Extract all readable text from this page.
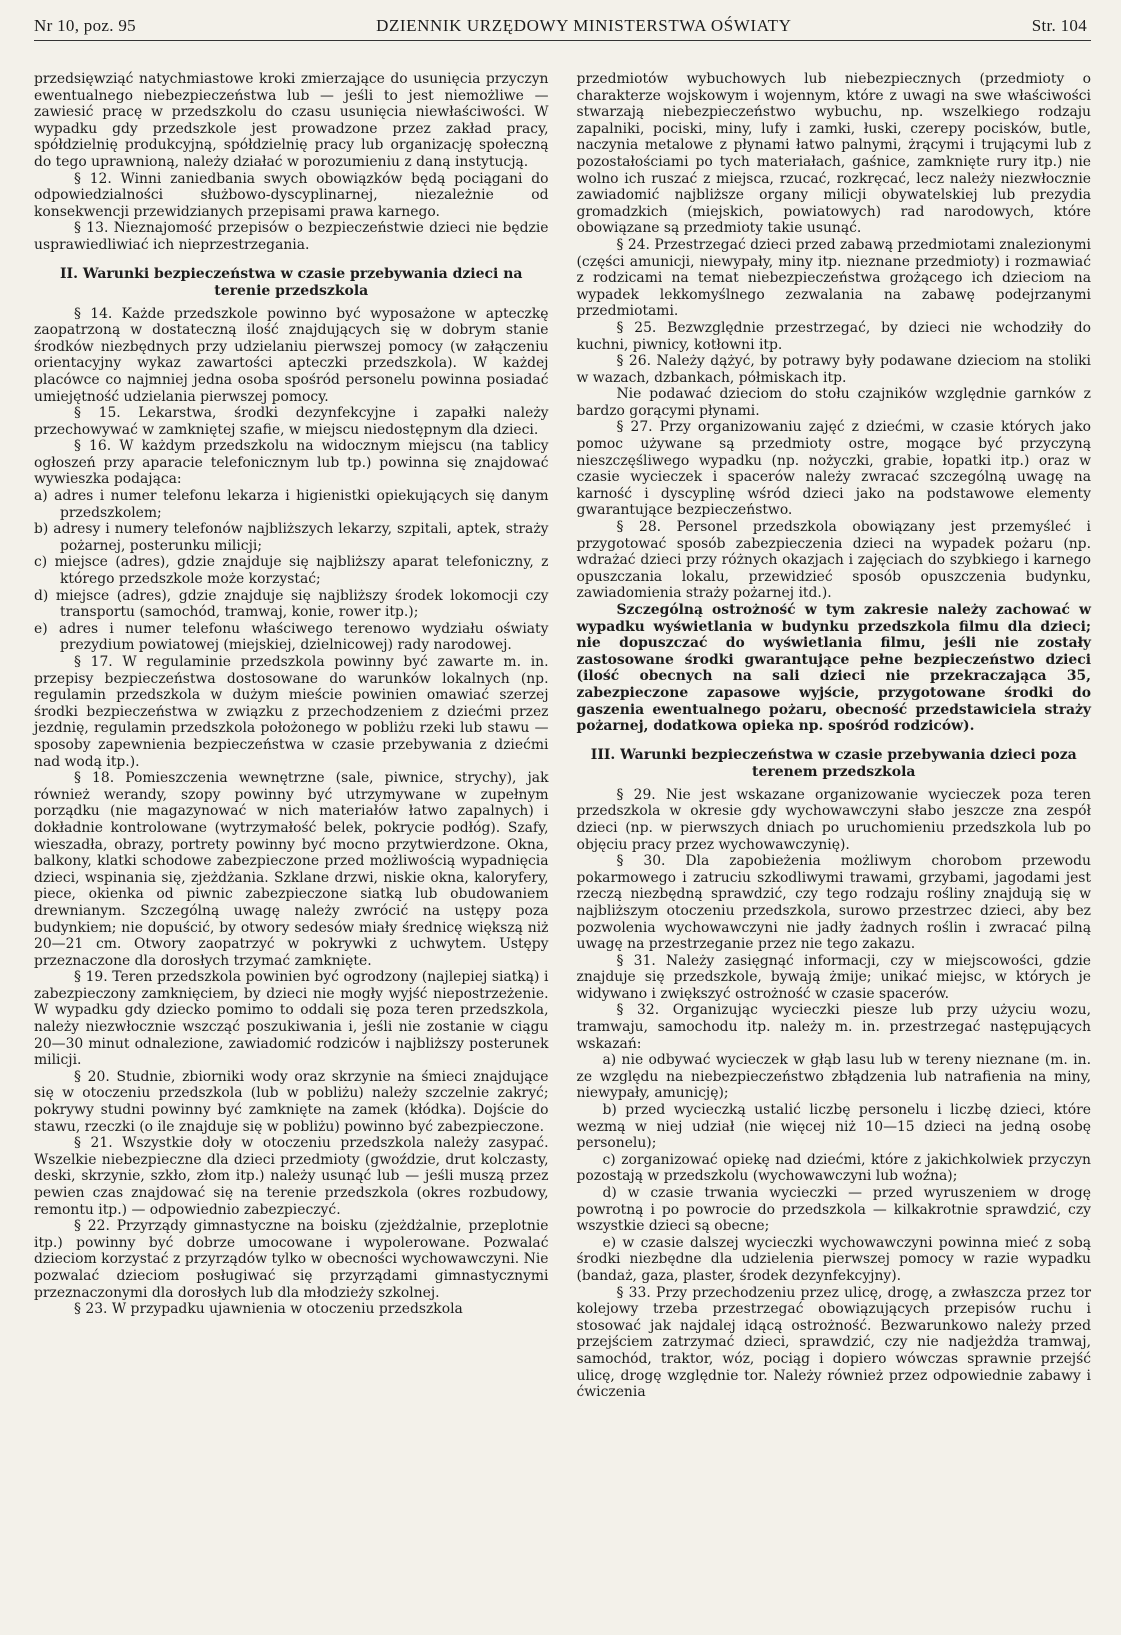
Nr 10, poz. 95	DZIENNIK URZĘDOWY MINISTERSTWA OŚWIATY	Str. 104

przedsięwziąć natychmiastowe kroki zmierzające do usunięcia przyczyn ewentualnego niebezpieczeństwa lub — jeśli to jest niemożliwe — zawiesić pracę w przedszkolu do czasu usunięcia niewłaściwości. W wypadku gdy przedszkole jest prowadzone przez zakład pracy, spółdzielnię produkcyjną, spółdzielnię pracy lub organizację społeczną do tego uprawnioną, należy działać w porozumieniu z daną instytucją.

§ 12. Winni zaniedbania swych obowiązków będą pociągani do odpowiedzialności służbowo-dyscyplinarnej, niezależnie od konsekwencji przewidzianych przepisami prawa karnego.

§ 13. Nieznajomość przepisów o bezpieczeństwie dzieci nie będzie usprawiedliwiać ich nieprzestrzegania.

II. Warunki bezpieczeństwa w czasie przebywania dzieci na terenie przedszkola

§ 14. Każde przedszkole powinno być wyposażone w apteczkę zaopatrzoną w dostateczną ilość znajdujących się w dobrym stanie środków niezbędnych przy udzielaniu pierwszej pomocy (w załączeniu orientacyjny wykaz zawartości apteczki przedszkola). W każdej placówce co najmniej jedna osoba spośród personelu powinna posiadać umiejętność udzielania pierwszej pomocy.

§ 15. Lekarstwa, środki dezynfekcyjne i zapałki należy przechowywać w zamkniętej szafie, w miejscu niedostępnym dla dzieci.

§ 16. W każdym przedszkolu na widocznym miejscu (na tablicy ogłoszeń przy aparacie telefonicznym lub tp.) powinna się znajdować wywieszka podająca:

a) adres i numer telefonu lekarza i higienistki opiekujących się danym przedszkolem;

b) adresy i numery telefonów najbliższych lekarzy, szpitali, aptek, straży pożarnej, posterunku milicji;

c) miejsce (adres), gdzie znajduje się najbliższy aparat telefoniczny, z którego przedszkole może korzystać;

d) miejsce (adres), gdzie znajduje się najbliższy środek lokomocji czy transportu (samochód, tramwaj, konie, rower itp.);

e) adres i numer telefonu właściwego terenowo wydziału oświaty prezydium powiatowej (miejskiej, dzielnicowej) rady narodowej.

§ 17. W regulaminie przedszkola powinny być zawarte m. in. przepisy bezpieczeństwa dostosowane do warunków lokalnych (np. regulamin przedszkola w dużym mieście powinien omawiać szerzej środki bezpieczeństwa w związku z przechodzeniem z dziećmi przez jezdnię, regulamin przedszkola położonego w pobliżu rzeki lub stawu — sposoby zapewnienia bezpieczeństwa w czasie przebywania z dziećmi nad wodą itp.).

§ 18. Pomieszczenia wewnętrzne (sale, piwnice, strychy), jak również werandy, szopy powinny być utrzymywane w zupełnym porządku (nie magazynować w nich materiałów łatwo zapalnych) i dokładnie kontrolowane (wytrzymałość belek, pokrycie podłóg). Szafy, wieszadła, obrazy, portrety powinny być mocno przytwierdzone. Okna, balkony, klatki schodowe zabezpieczone przed możliwością wypadnięcia dzieci, wspinania się, zjeżdżania. Szklane drzwi, niskie okna, kaloryfery, piece, okienka od piwnic zabezpieczone siatką lub obudowaniem drewnianym. Szczególną uwagę należy zwrócić na ustępy poza budynkiem; nie dopuścić, by otwory sedesów miały średnicę większą niż 20—21 cm. Otwory zaopatrzyć w pokrywki z uchwytem. Ustępy przeznaczone dla dorosłych trzymać zamknięte.

§ 19. Teren przedszkola powinien być ogrodzony (najlepiej siatką) i zabezpieczony zamknięciem, by dzieci nie mogły wyjść niepostrzeżenie. W wypadku gdy dziecko pomimo to oddali się poza teren przedszkola, należy niezwłocznie wszcząć poszukiwania i, jeśli nie zostanie w ciągu 20—30 minut odnalezione, zawiadomić rodziców i najbliższy posterunek milicji.

§ 20. Studnie, zbiorniki wody oraz skrzynie na śmieci znajdujące się w otoczeniu przedszkola (lub w pobliżu) należy szczelnie zakryć; pokrywy studni powinny być zamknięte na zamek (kłódka). Dojście do stawu, rzeczki (o ile znajduje się w pobliżu) powinno być zabezpieczone.

§ 21. Wszystkie doły w otoczeniu przedszkola należy zasypać. Wszelkie niebezpieczne dla dzieci przedmioty (gwoździe, drut kolczasty, deski, skrzynie, szkło, złom itp.) należy usunąć lub — jeśli muszą przez pewien czas znajdować się na terenie przedszkola (okres rozbudowy, remontu itp.) — odpowiednio zabezpieczyć.

§ 22. Przyrządy gimnastyczne na boisku (zjeżdżalnie, przeplotnie itp.) powinny być dobrze umocowane i wypolerowane. Pozwalać dzieciom korzystać z przyrządów tylko w obecności wychowawczyni. Nie pozwalać dzieciom posługiwać się przyrządami gimnastycznymi przeznaczonymi dla dorosłych lub dla młodzieży szkolnej.

§ 23. W przypadku ujawnienia w otoczeniu przedszkola

przedmiotów wybuchowych lub niebezpiecznych (przedmioty o charakterze wojskowym i wojennym, które z uwagi na swe właściwości stwarzają niebezpieczeństwo wybuchu, np. wszelkiego rodzaju zapalniki, pociski, miny, lufy i zamki, łuski, czerepy pocisków, butle, naczynia metalowe z płynami łatwo palnymi, żrącymi i trującymi lub z pozostałościami po tych materiałach, gaśnice, zamknięte rury itp.) nie wolno ich ruszać z miejsca, rzucać, rozkręcać, lecz należy niezwłocznie zawiadomić najbliższe organy milicji obywatelskiej lub prezydia gromadzkich (miejskich, powiatowych) rad narodowych, które obowiązane są przedmioty takie usunąć.

§ 24. Przestrzegać dzieci przed zabawą przedmiotami znalezionymi (części amunicji, niewypały, miny itp. nieznane przedmioty) i rozmawiać z rodzicami na temat niebezpieczeństwa grożącego ich dzieciom na wypadek lekkomyślnego zezwalania na zabawę podejrzanymi przedmiotami.

§ 25. Bezwzględnie przestrzegać, by dzieci nie wchodziły do kuchni, piwnicy, kotłowni itp.

§ 26. Należy dążyć, by potrawy były podawane dzieciom na stoliki w wazach, dzbankach, półmiskach itp.

Nie podawać dzieciom do stołu czajników względnie garnków z bardzo gorącymi płynami.

§ 27. Przy organizowaniu zajęć z dziećmi, w czasie których jako pomoc używane są przedmioty ostre, mogące być przyczyną nieszczęśliwego wypadku (np. nożyczki, grabie, łopatki itp.) oraz w czasie wycieczek i spacerów należy zwracać szczególną uwagę na karność i dyscyplinę wśród dzieci jako na podstawowe elementy gwarantujące bezpieczeństwo.

§ 28. Personel przedszkola obowiązany jest przemyśleć i przygotować sposób zabezpieczenia dzieci na wypadek pożaru (np. wdrażać dzieci przy różnych okazjach i zajęciach do szybkiego i karnego opuszczania lokalu, przewidzieć sposób opuszczenia budynku, zawiadomienia straży pożarnej itd.).

Szczególną ostrożność w tym zakresie należy zachować w wypadku wyświetlania w budynku przedszkola filmu dla dzieci; nie dopuszczać do wyświetlania filmu, jeśli nie zostały zastosowane środki gwarantujące pełne bezpieczeństwo dzieci (ilość obecnych na sali dzieci nie przekraczająca 35, zabezpieczone zapasowe wyjście, przygotowane środki do gaszenia ewentualnego pożaru, obecność przedstawiciela straży pożarnej, dodatkowa opieka np. spośród rodziców).

III. Warunki bezpieczeństwa w czasie przebywania dzieci poza terenem przedszkola

§ 29. Nie jest wskazane organizowanie wycieczek poza teren przedszkola w okresie gdy wychowawczyni słabo jeszcze zna zespół dzieci (np. w pierwszych dniach po uruchomieniu przedszkola lub po objęciu pracy przez wychowawczynię).

§ 30. Dla zapobieżenia możliwym chorobom przewodu pokarmowego i zatruciu szkodliwymi trawami, grzybami, jagodami jest rzeczą niezbędną sprawdzić, czy tego rodzaju rośliny znajdują się w najbliższym otoczeniu przedszkola, surowo przestrzec dzieci, aby bez pozwolenia wychowawczyni nie jadły żadnych roślin i zwracać pilną uwagę na przestrzeganie przez nie tego zakazu.

§ 31. Należy zasięgnąć informacji, czy w miejscowości, gdzie znajduje się przedszkole, bywają żmije; unikać miejsc, w których je widywano i zwiększyć ostrożność w czasie spacerów.

§ 32. Organizując wycieczki piesze lub przy użyciu wozu, tramwaju, samochodu itp. należy m. in. przestrzegać następujących wskazań:

a) nie odbywać wycieczek w głąb lasu lub w tereny nieznane (m. in. ze względu na niebezpieczeństwo zbłądzenia lub natrafienia na miny, niewypały, amunicję);

b) przed wycieczką ustalić liczbę personelu i liczbę dzieci, które wezmą w niej udział (nie więcej niż 10—15 dzieci na jedną osobę personelu);

c) zorganizować opiekę nad dziećmi, które z jakichkolwiek przyczyn pozostają w przedszkolu (wychowawczyni lub woźna);

d) w czasie trwania wycieczki — przed wyruszeniem w drogę powrotną i po powrocie do przedszkola — kilkakrotnie sprawdzić, czy wszystkie dzieci są obecne;

e) w czasie dalszej wycieczki wychowawczyni powinna mieć z sobą środki niezbędne dla udzielenia pierwszej pomocy w razie wypadku (bandaż, gaza, plaster, środek dezynfekcyjny).

§ 33. Przy przechodzeniu przez ulicę, drogę, a zwłaszcza przez tor kolejowy trzeba przestrzegać obowiązujących przepisów ruchu i stosować jak najdalej idącą ostrożność. Bezwarunkowo należy przed przejściem zatrzymać dzieci, sprawdzić, czy nie nadjeżdża tramwaj, samochód, traktor, wóz, pociąg i dopiero wówczas sprawnie przejść ulicę, drogę względnie tor. Należy również przez odpowiednie zabawy i ćwiczenia
